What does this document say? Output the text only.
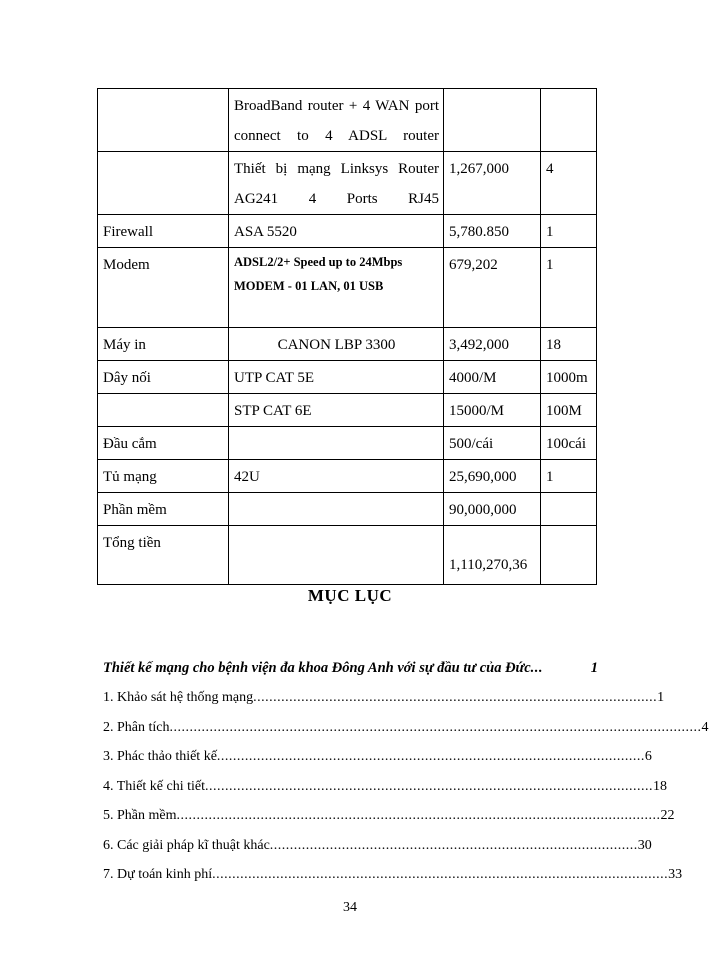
	BroadBand router + 4 WAN port connect to 4 ADSL router		

	Thiết bị mạng Linksys Router AG241 4 Ports RJ45	1,267,000	4
Firewall	ASA 5520	5,780.850	1
Modem	ADSL2/2+ Speed up to 24Mbps MODEM - 01 LAN, 01 USB	679,202	1
Máy in	CANON LBP 3300	3,492,000	18
Dây nối	UTP CAT 5E	4000/M	1000m
	STP CAT 6E	15000/M	100M
Đầu cắm		500/cái	100cái
Tủ mạng	42U	25,690,000	1
Phần mềm		90,000,000	
Tổng tiền		1,110,270,36	
MỤC LỤC
Thiết kế mạng cho bệnh viện đa khoa Đông Anh với sự đầu tư của Đức ...	1
1. Khảo sát hệ thống mạng ..................................................................................................... 1
2. Phân tích ..................................................................................................................................... 4
3. Phác thảo thiết kế ........................................................................................................... 6
4. Thiết kế chi tiết ................................................................................................................ 18
5. Phần mềm ......................................................................................................................... 22
6. Các giải pháp kĩ thuật khác ............................................................................................ 30
7. Dự toán kinh phí .................................................................................................................. 33
34
